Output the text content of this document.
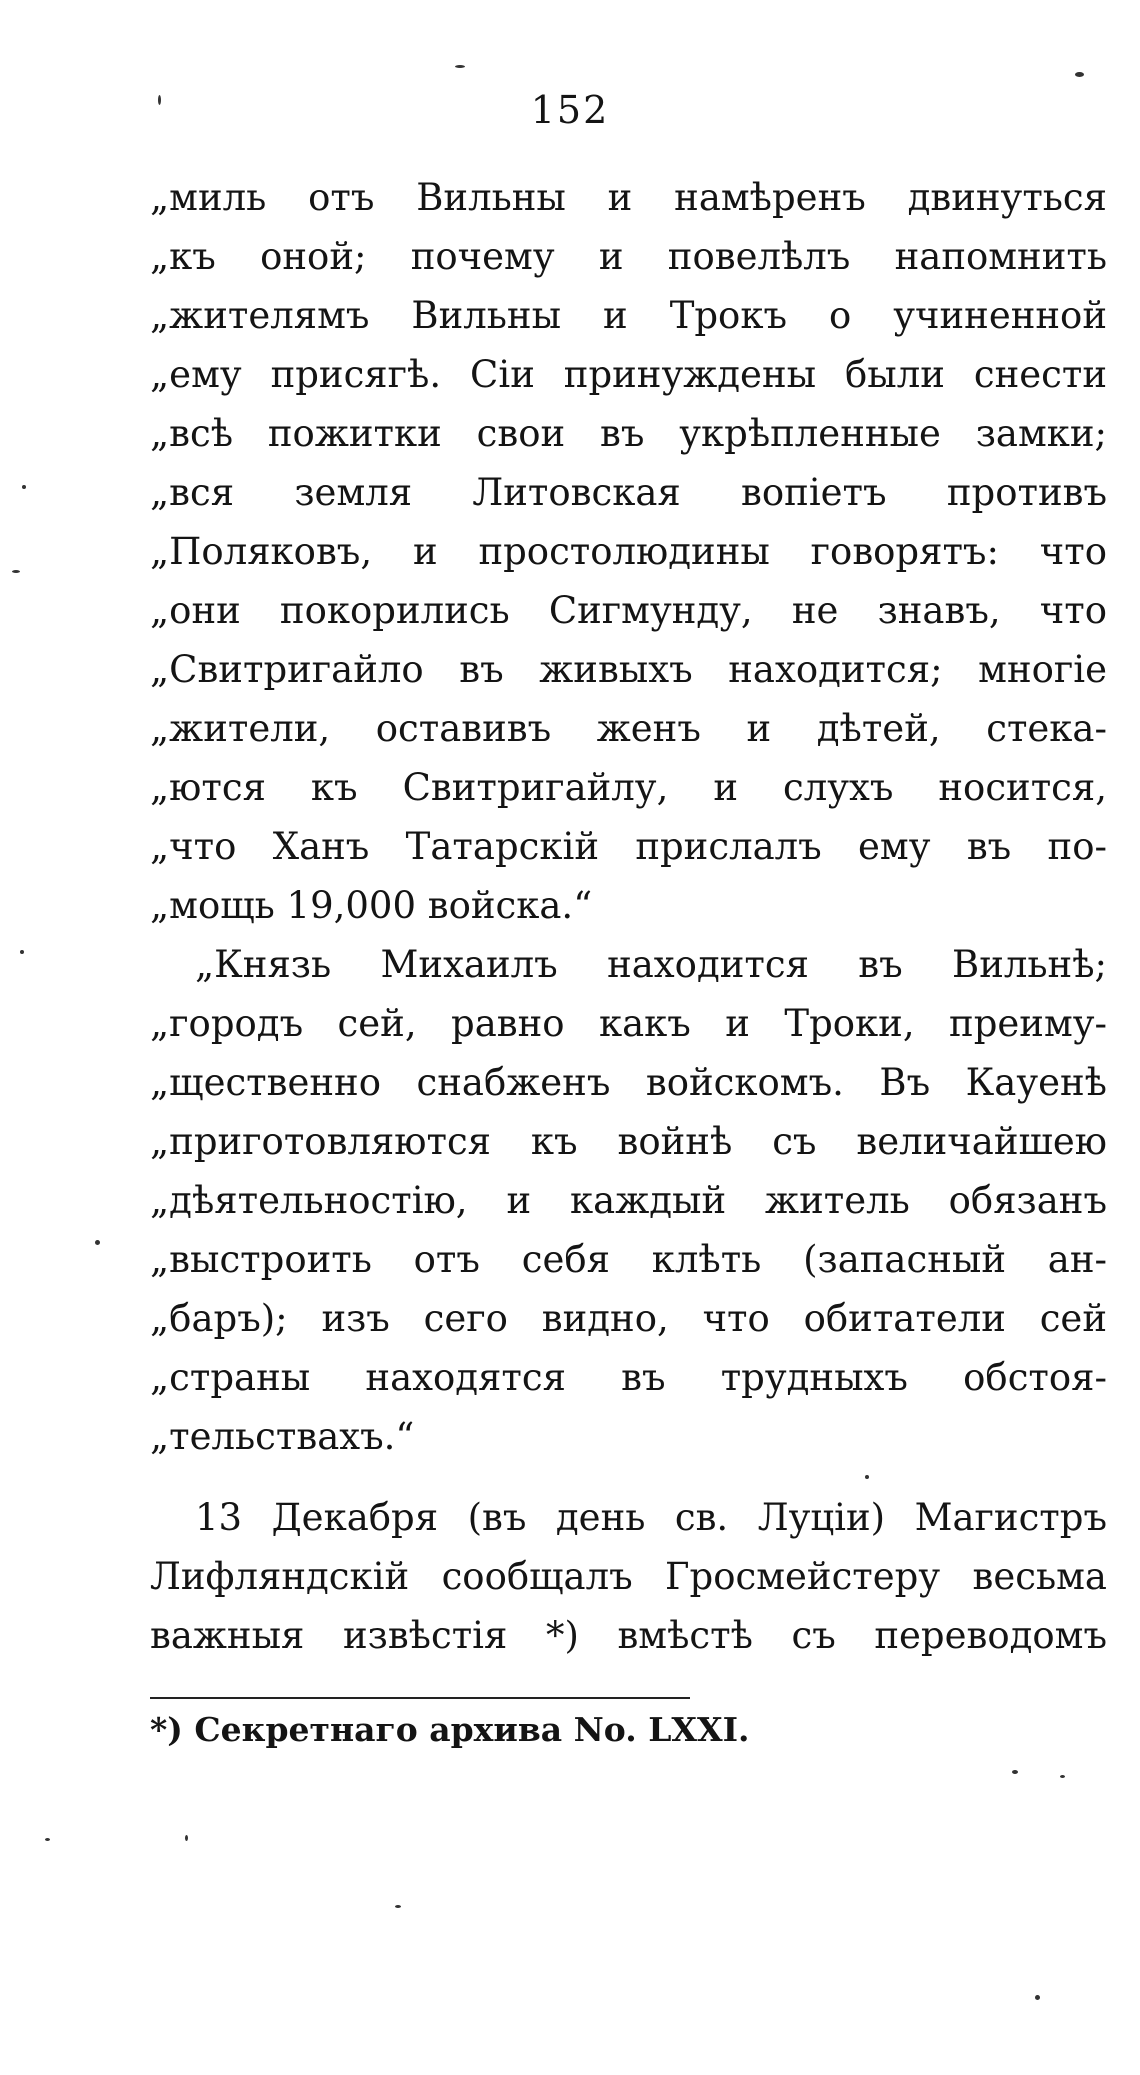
152
„миль отъ Вильны и намѣренъ двинуться
„къ оной; почему и повелѣлъ напомнить
„жителямъ Вильны и Трокъ о учиненной
„ему присягѣ. Сіи принуждены были снести
„всѣ пожитки свои въ укрѣпленные замки;
„вся земля Литовская вопіетъ противъ
„Поляковъ, и простолюдины говорятъ: что
„они покорились Сигмунду, не знавъ, что
„Свитригайло въ живыхъ находится; многіе
„жители, оставивъ женъ и дѣтей, стека-
„ются къ Свитригайлу, и слухъ носится,
„что Ханъ Татарскій прислалъ ему въ по-
„мощь 19,000 войска.“
„Князь Михаилъ находится въ Вильнѣ;
„городъ сей, равно какъ и Троки, преиму-
„щественно снабженъ войскомъ. Въ Кауенѣ
„приготовляются къ войнѣ съ величайшею
„дѣятельностію, и каждый житель обязанъ
„выстроить отъ себя клѣть (запасный ан-
„баръ); изъ сего видно, что обитатели сей
„страны находятся въ трудныхъ обстоя-
„тельствахъ.“
13 Декабря (въ день св. Луціи) Магистръ
Лифляндскій сообщалъ Гросмейстеру весьма
важныя извѣстія *) вмѣстѣ съ переводомъ
*) Секретнаго архива No. LXXI.
